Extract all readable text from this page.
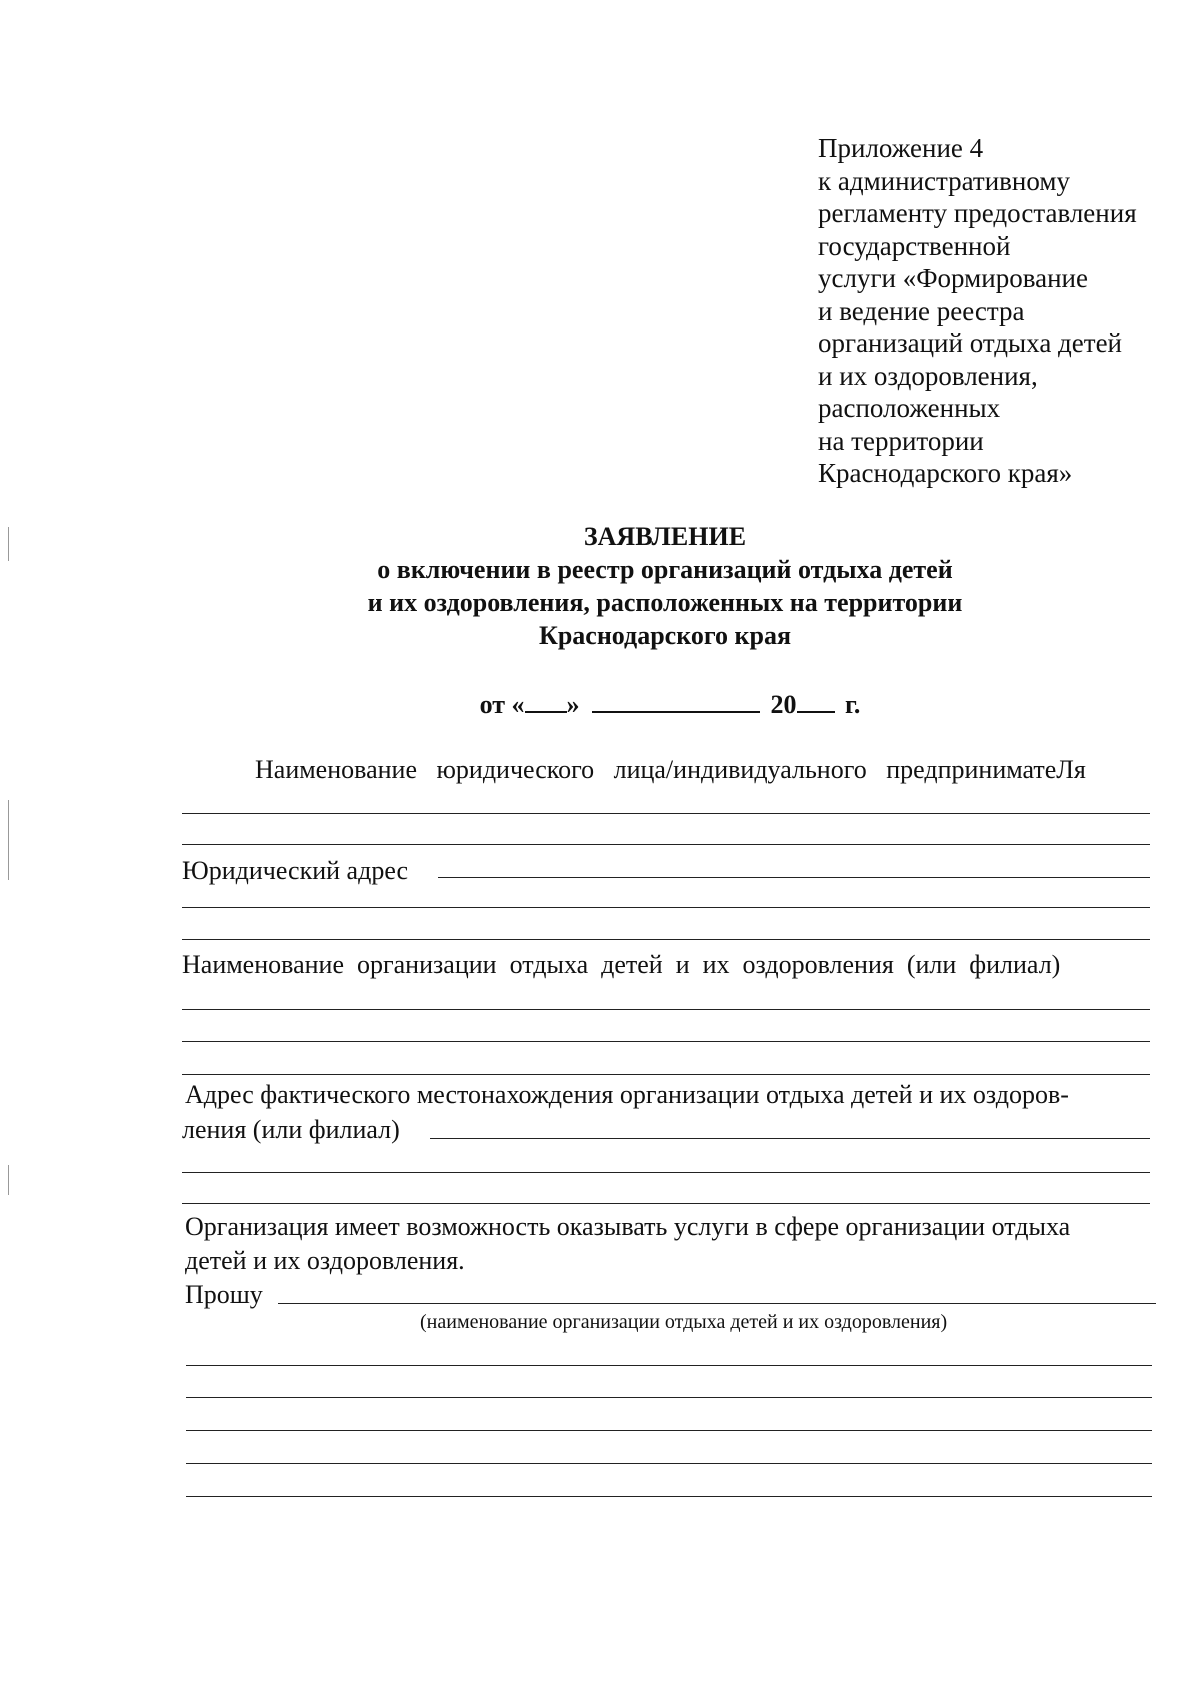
Приложение 4
к административному
регламенту предоставления
государственной
услуги «Формирование
и ведение реестра
организаций отдыха детей
и их оздоровления,
расположенных
на территории
Краснодарского края»
ЗАЯВЛЕНИЕ
о включении в реестр организаций отдыха детей
и их оздоровления, расположенных на территории
Краснодарского края
от « »	20 г.
Наименование   юридического   лица/индивидуального   предприниматеЛя
Юридический адрес
Наименование  организации  отдыха  детей  и  их  оздоровления  (или  филиал)
Адрес фактического местонахождения организации отдыха детей и их оздоров-
ления (или филиал)
Организация имеет возможность оказывать услуги в сфере организации отдыха
детей и их оздоровления.
Прошу
(наименование организации отдыха детей и их оздоровления)
